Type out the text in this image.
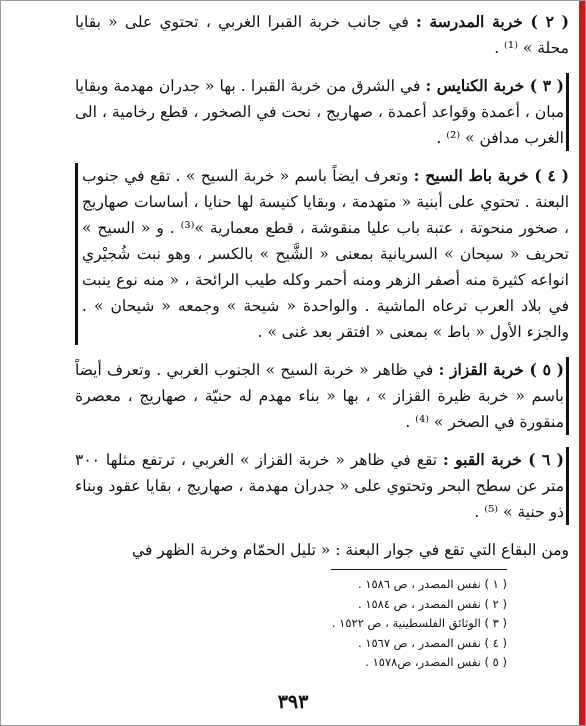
( ٢ ) خربة المدرسة : في جانب خربة القبرا الغربي ، تحتوي على « بقايا محلة » ⁽¹⁾ .

( ٣ ) خربة الكنايس : في الشرق من خربة القبرا . بها « جدران مهدمة وبقايا مبان ، أعمدة وقواعد أعمدة ، صهاريج ، نحت في الصخور ، قطع رخامية ، الى الغرب مدافن » ⁽²⁾ .

( ٤ ) خربة باط السيح : وتعرف ايضاً باسم « خربة السيح » . تقع في جنوب البعنة . تحتوي على أبنية « متهدمة ، وبقايا كنيسة لها حنايا ، أساسات صهاريج ، صخور منحوتة ، عتبة باب عليا منقوشة ، قطع معمارية »⁽³⁾ . و « السيح » تحريف « سيحان » السريانية بمعنى « الشَّيح » بالكسر ، وهو نبت شُجيْري انواعه كثيرة منه أصفر الزهر ومنه أحمر وكله طيب الرائحة ، « منه نوع ينبت في بلاد العرب ترعاه الماشية . والواحدة « شيحة » وجمعه « شيحان » . والجزء الأول « باط » بمعنى « افتقر بعد غنى » .

( ٥ ) خربة القزاز : في ظاهر « خربة السيح » الجنوب الغربي . وتعرف أيضاً باسم « خربة ظيرة القزاز » ، بها « بناء مهدم له حنيّة ، صهاريج ، معصرة منقورة في الصخر » ⁽⁴⁾ .

( ٦ ) خربة القبو : تقع في ظاهر « خربة القزاز » الغربي ، ترتفع مثلها ٣٠٠ متر عن سطح البحر وتحتوي على « جدران مهدمة ، صهاريج ، بقايا عقود وبناء ذو حنية » ⁽⁵⁾ .

ومن البقاع التي تقع في جوار البعنة : « تليل الحمّام وخربة الظهر في

( ١ ) نفس المصدر ، ص ١٥٨٦ .
( ٢ ) نفس المصدر ، ص ١٥٨٤ .
( ٣ ) الوثائق الفلسطينية ، ص ١٥٢٢ .
( ٤ ) نفس المصدر ، ص ١٥٦٧ .
( ٥ ) نفس المصدر، ص١٥٧٨ .
٣٩٣
